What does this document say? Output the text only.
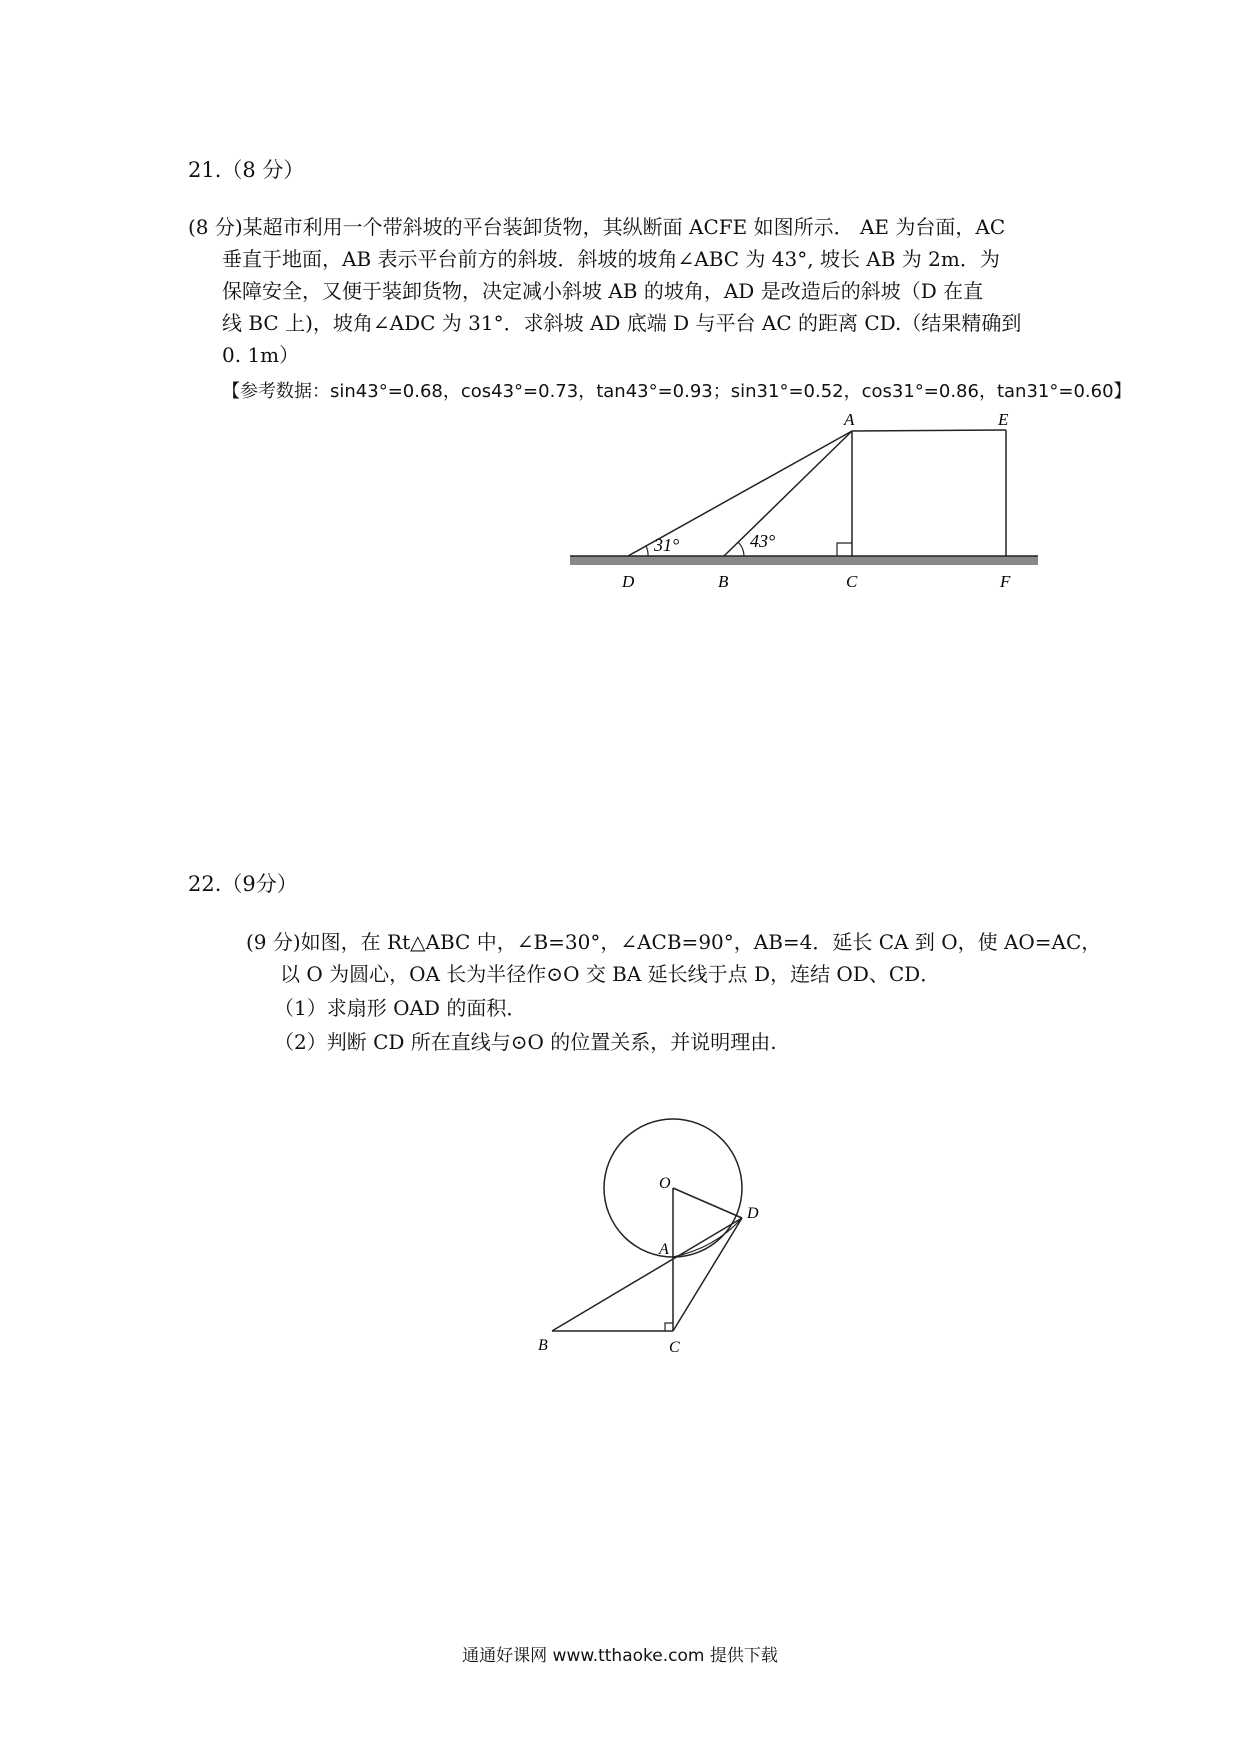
21.（8 分）
(8 分)某超市利用一个带斜坡的平台装卸货物，其纵断面 ACFE 如图所示． AE 为台面，AC
垂直于地面，AB 表示平台前方的斜坡．斜坡的坡角∠ABC 为 43°, 坡长 AB 为 2m．为
保障安全，又便于装卸货物，决定减小斜坡 AB 的坡角，AD 是改造后的斜坡（D 在直
线 BC 上)，坡角∠ADC 为 31°．求斜坡 AD 底端 D 与平台 AC 的距离 CD.（结果精确到
0. 1m）
【参考数据：sin43°=0.68，cos43°=0.73，tan43°=0.93；sin31°=0.52，cos31°=0.86，tan31°=0.60】
31°	43°
A	E
D	B	C	F
22.（9分）
(9 分)如图，在 Rt△ABC 中，∠B=30°，∠ACB=90°，AB=4．延长 CA 到 O，使 AO=AC，
以 O 为圆心，OA 长为半径作⊙O 交 BA 延长线于点 D，连结 OD、CD．
（1）求扇形 OAD 的面积．
（2）判断 CD 所在直线与⊙O 的位置关系，并说明理由.
O
D
A
B	C
通通好课网 www.tthaoke.com 提供下载
